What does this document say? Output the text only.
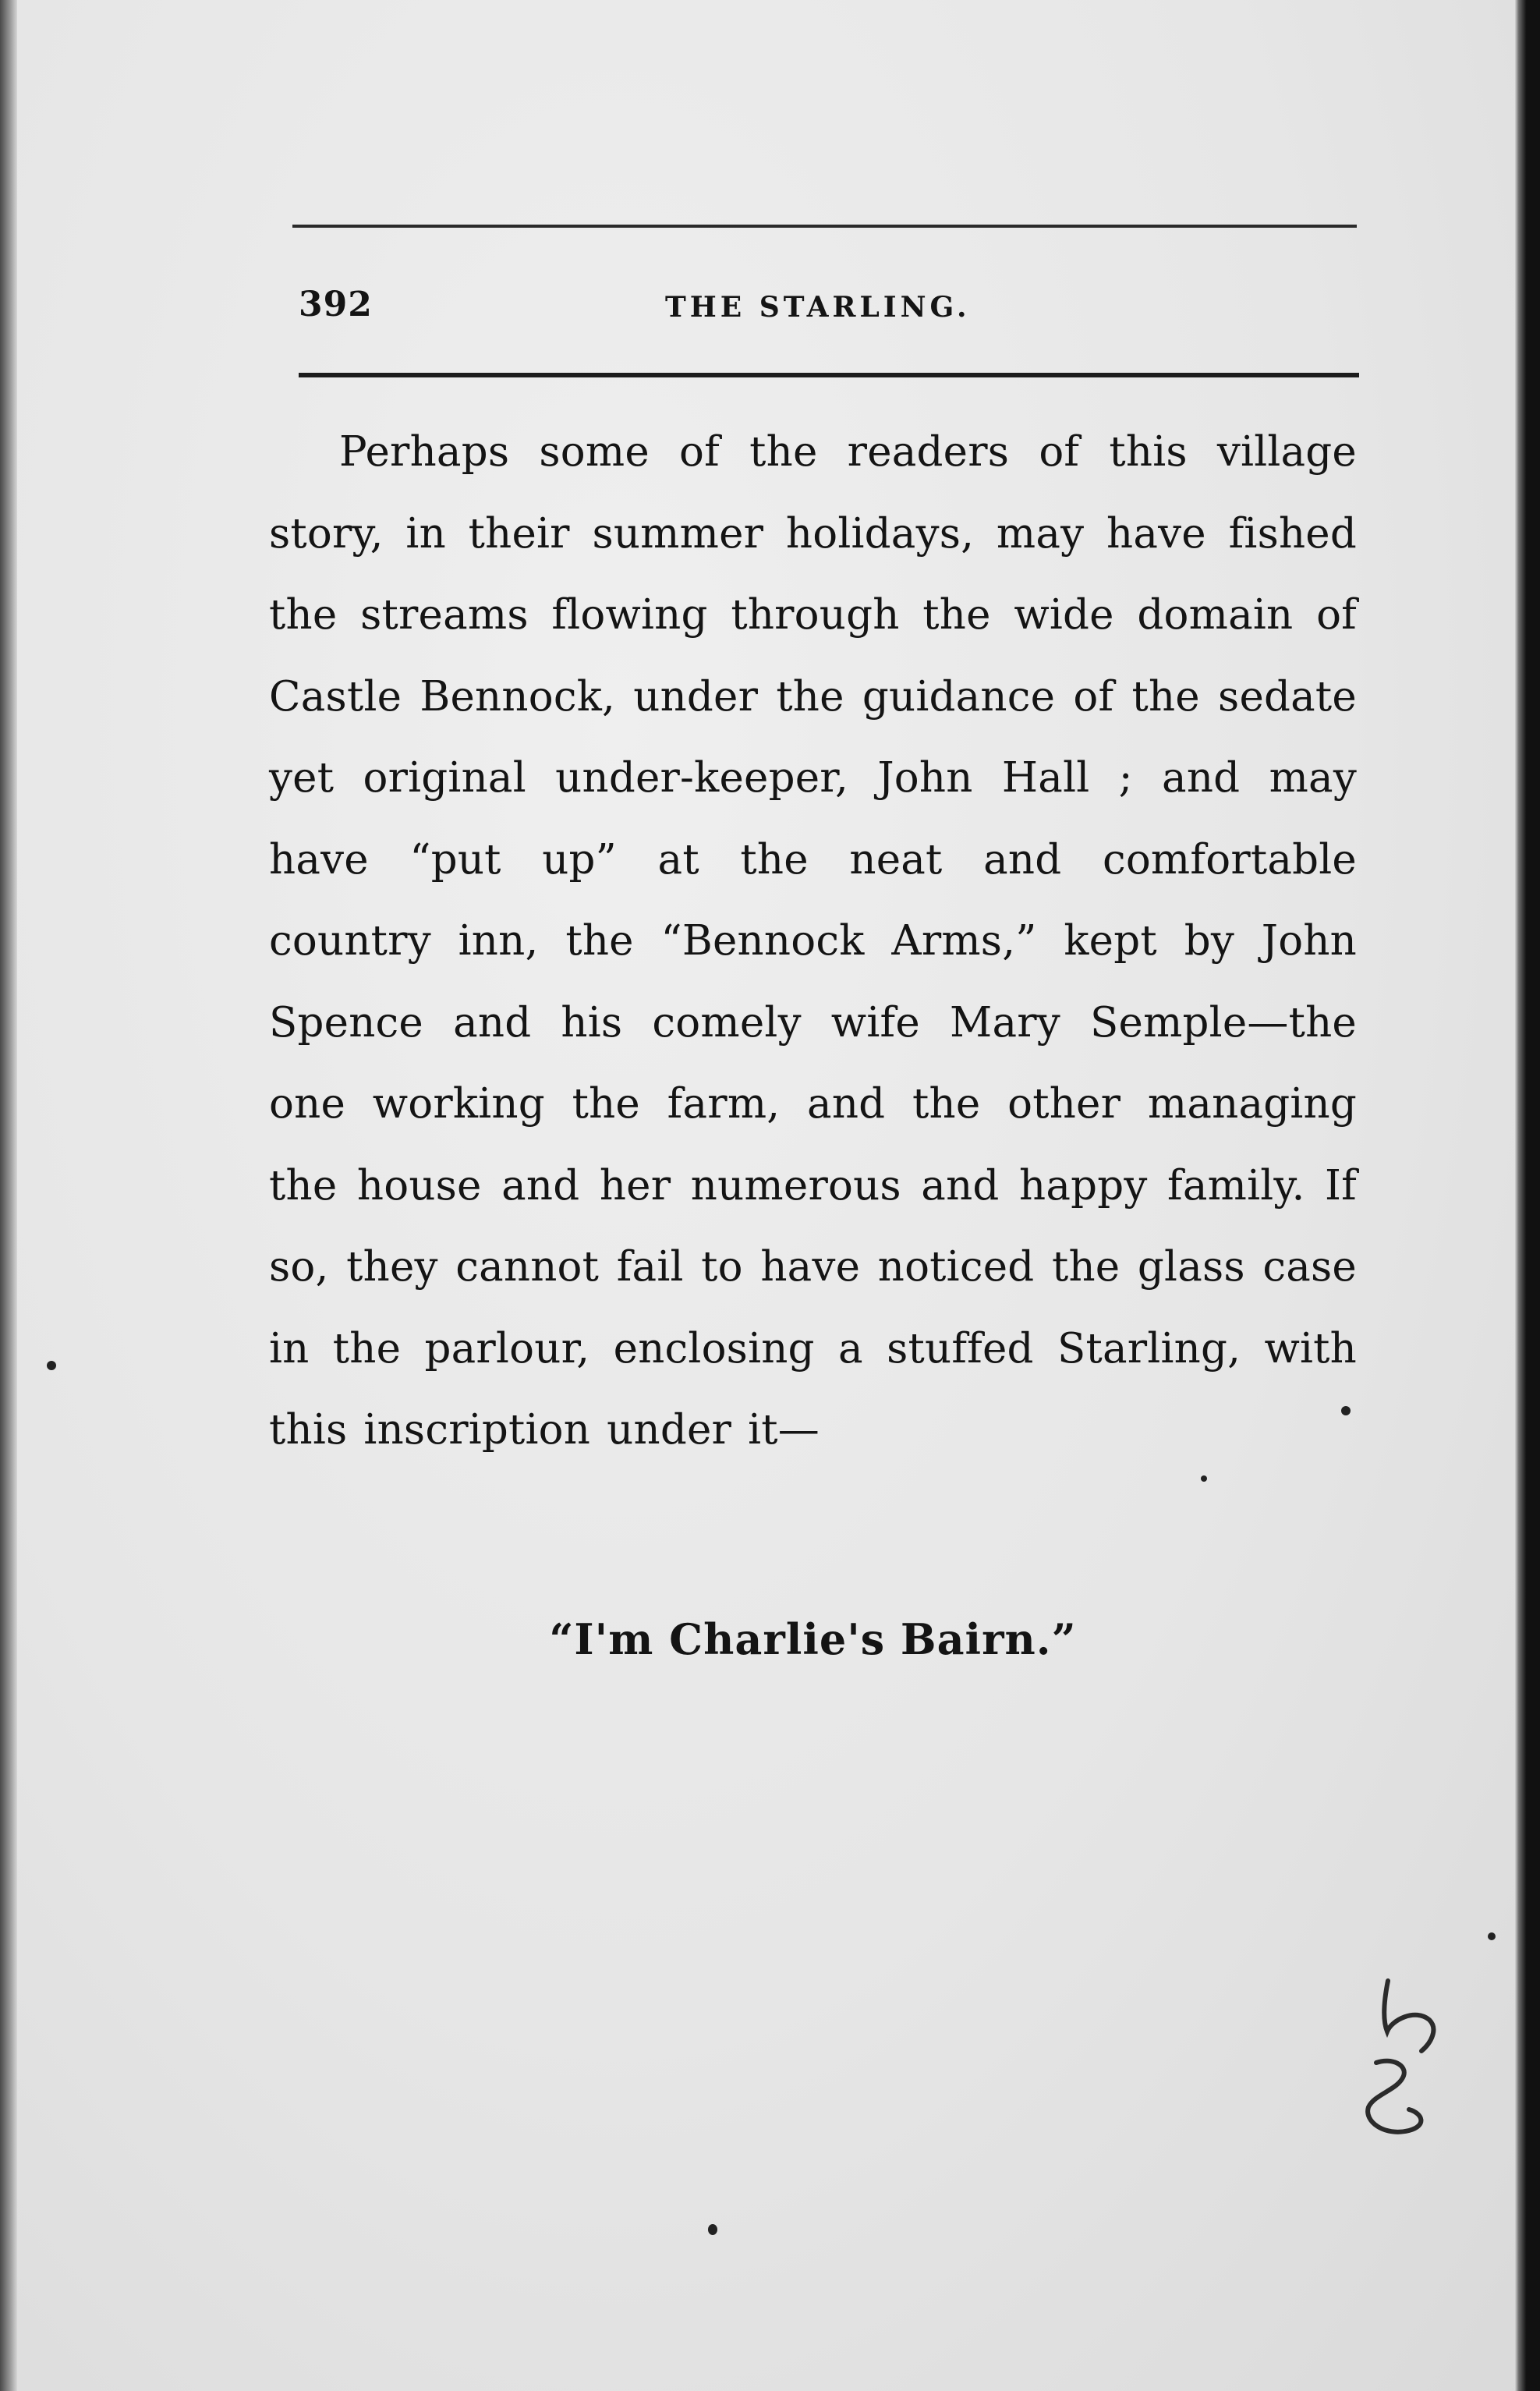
392	THE STARLING.

Perhaps some of the readers of this village story, in their summer holidays, may have fished the streams flowing through the wide domain of Castle Bennock, under the guidance of the sedate yet original under-keeper, John Hall ; and may have “put up” at the neat and comfortable country inn, the “Bennock Arms,” kept by John Spence and his comely wife Mary Semple—the one working the farm, and the other managing the house and her numerous and happy family. If so, they cannot fail to have noticed the glass case in the parlour, enclosing a stuffed Starling, with this inscription under it—

“I'm Charlie's Bairn.”
